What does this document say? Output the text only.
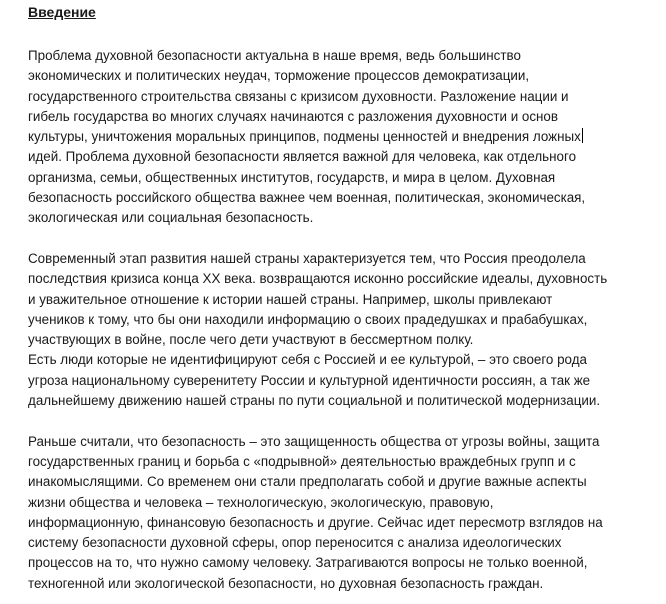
Введение
Проблема духовной безопасности актуальна в наше время, ведь большинство
экономических и политических неудач, торможение процессов демократизации,
государственного строительства связаны с кризисом духовности. Разложение нации и
гибель государства во многих случаях начинаются с разложения духовности и основ
культуры, уничтожения моральных принципов, подмены ценностей и внедрения ложных
идей. Проблема духовной безопасности является важной для человека, как отдельного
организма, семьи, общественных институтов, государств, и мира в целом. Духовная
безопасность российского общества важнее чем военная, политическая, экономическая,
экологическая или социальная безопасность.
Современный этап развития нашей страны характеризуется тем, что Россия преодолела
последствия кризиса конца XX века. возвращаются исконно российские идеалы, духовность
и уважительное отношение к истории нашей страны. Например, школы привлекают
учеников к тому, что бы они находили информацию о своих прадедушках и прабабушках,
участвующих в войне, после чего дети участвуют в бессмертном полку.
Есть люди которые не идентифицируют себя с Россией и ее культурой, – это своего рода
угроза национальному суверенитету России и культурной идентичности россиян, а так же
дальнейшему движению нашей страны по пути социальной и политической модернизации.
Раньше считали, что безопасность – это защищенность общества от угрозы войны, защита
государственных границ и борьба с «подрывной» деятельностью враждебных групп и с
инакомыслящими. Со временем они стали предполагать собой и другие важные аспекты
жизни общества и человека – технологическую, экологическую, правовую,
информационную, финансовую безопасность и другие. Сейчас идет пересмотр взглядов на
систему безопасности духовной сферы, опор переносится с анализа идеологических
процессов на то, что нужно самому человеку. Затрагиваются вопросы не только военной,
техногенной или экологической безопасности, но духовная безопасность граждан.
